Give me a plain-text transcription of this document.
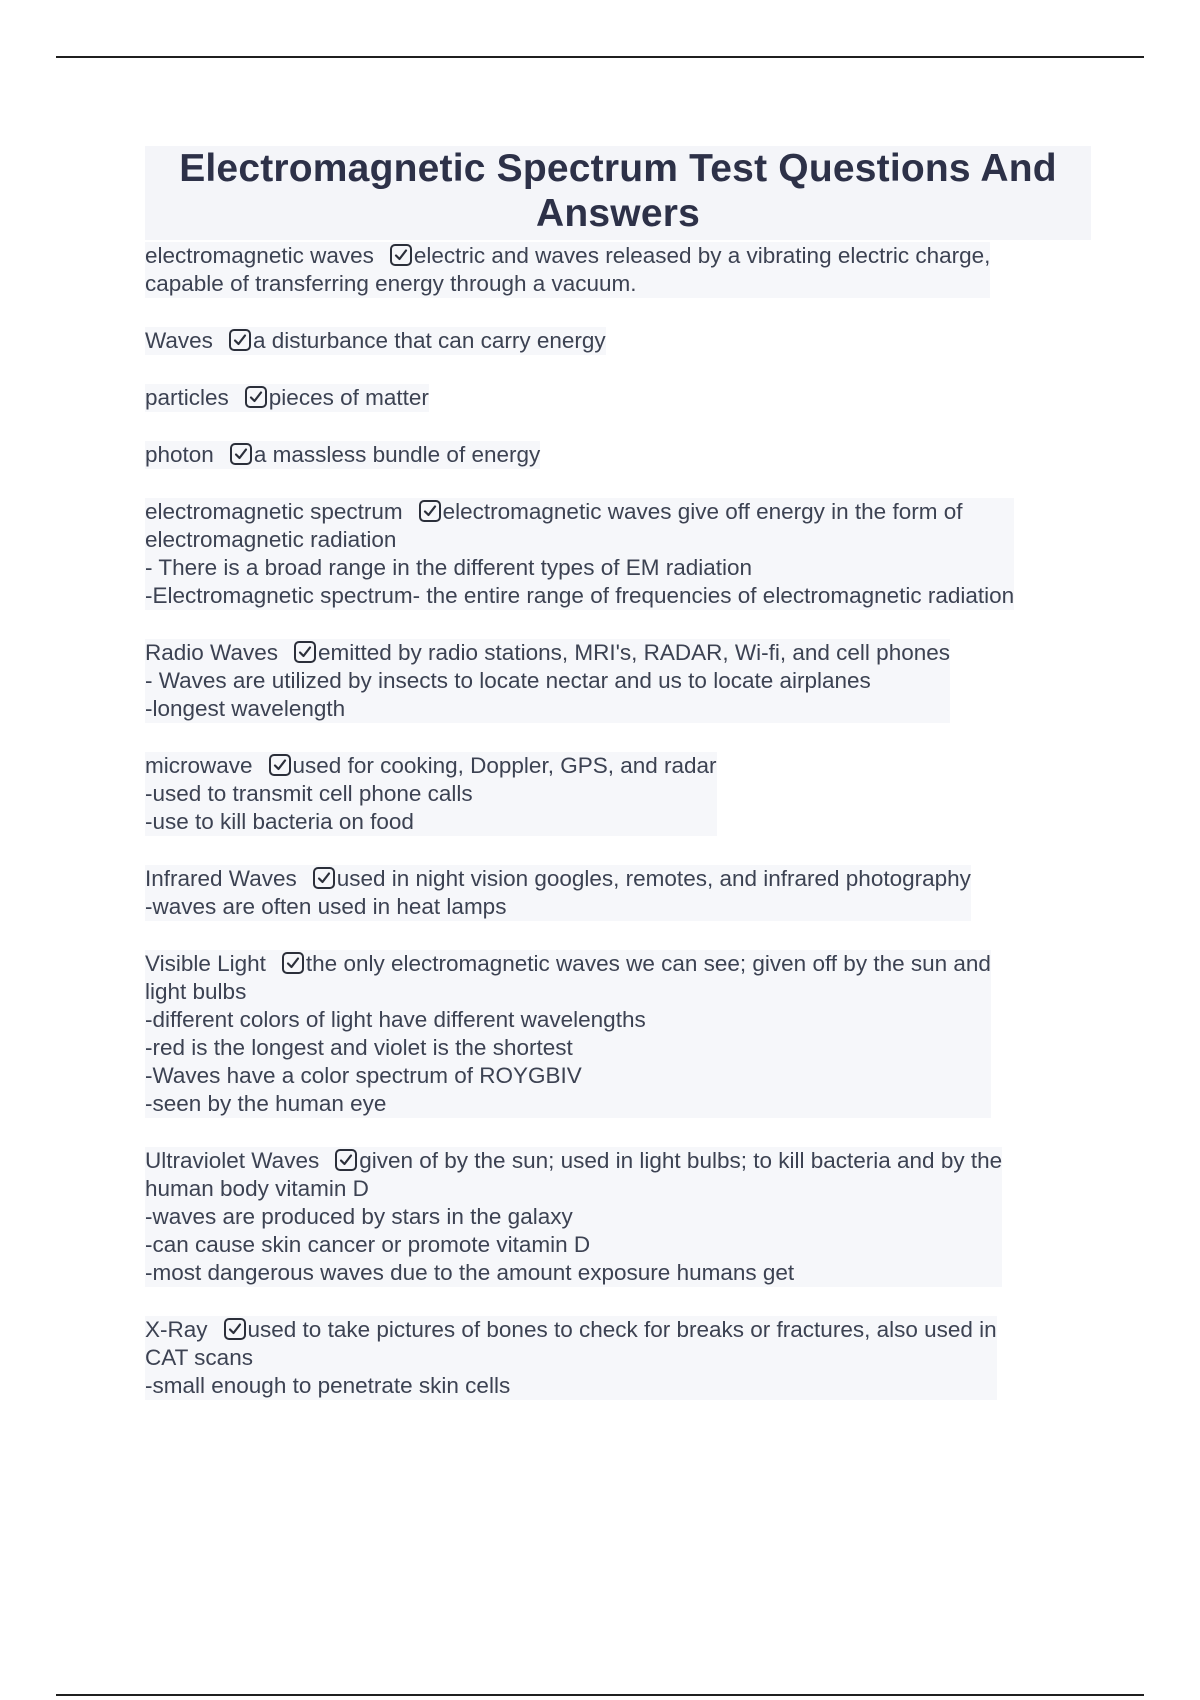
Electromagnetic Spectrum Test Questions And
Answers
electromagnetic waves electric and waves released by a vibrating electric charge,
capable of transferring energy through a vacuum.
Waves a disturbance that can carry energy
particles pieces of matter
photon a massless bundle of energy
electromagnetic spectrum electromagnetic waves give off energy in the form of
electromagnetic radiation
- There is a broad range in the different types of EM radiation
-Electromagnetic spectrum- the entire range of frequencies of electromagnetic radiation
Radio Waves emitted by radio stations, MRI's, RADAR, Wi-fi, and cell phones
- Waves are utilized by insects to locate nectar and us to locate airplanes
-longest wavelength
microwave used for cooking, Doppler, GPS, and radar
-used to transmit cell phone calls
-use to kill bacteria on food
Infrared Waves used in night vision googles, remotes, and infrared photography
-waves are often used in heat lamps
Visible Light the only electromagnetic waves we can see; given off by the sun and
light bulbs
-different colors of light have different wavelengths
-red is the longest and violet is the shortest
-Waves have a color spectrum of ROYGBIV
-seen by the human eye
Ultraviolet Waves given of by the sun; used in light bulbs; to kill bacteria and by the
human body vitamin D
-waves are produced by stars in the galaxy
-can cause skin cancer or promote vitamin D
-most dangerous waves due to the amount exposure humans get
X-Ray used to take pictures of bones to check for breaks or fractures, also used in
CAT scans
-small enough to penetrate skin cells
